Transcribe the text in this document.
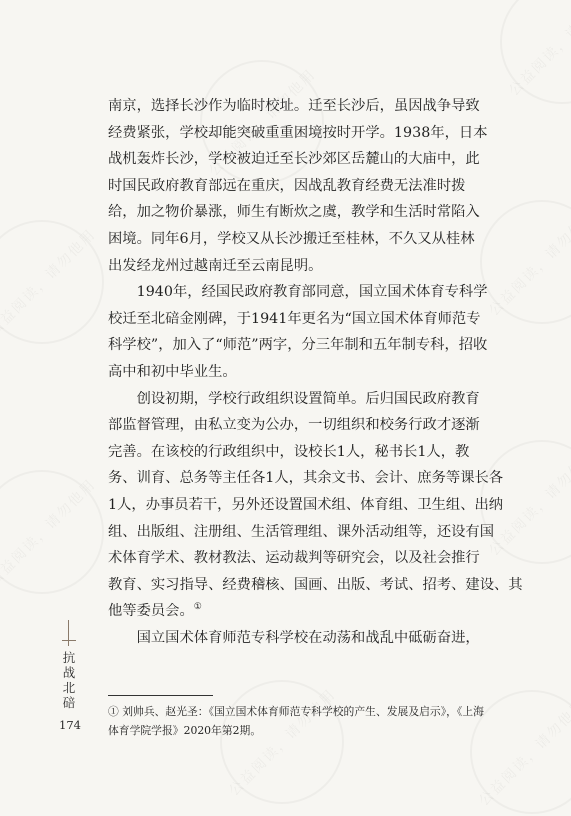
南京，选择长沙作为临时校址。迁至长沙后，虽因战争导致
经费紧张，学校却能突破重重困境按时开学。1938年，日本
战机轰炸长沙，学校被迫迁至长沙郊区岳麓山的大庙中，此
时国民政府教育部远在重庆，因战乱教育经费无法准时拨
给，加之物价暴涨，师生有断炊之虞，教学和生活时常陷入
困境。同年6月，学校又从长沙搬迁至桂林，不久又从桂林
出发经龙州过越南迁至云南昆明。

1940年，经国民政府教育部同意，国立国术体育专科学
校迁至北碚金刚碑，于1941年更名为“国立国术体育师范专
科学校”，加入了“师范”两字，分三年制和五年制专科，招收
高中和初中毕业生。

创设初期，学校行政组织设置简单。后归国民政府教育
部监督管理，由私立变为公办，一切组织和校务行政才逐渐
完善。在该校的行政组织中，设校长1人，秘书长1人，教
务、训育、总务等主任各1人，其余文书、会计、庶务等课长各
1人，办事员若干，另外还设置国术组、体育组、卫生组、出纳
组、出版组、注册组、生活管理组、课外活动组等，还设有国
术体育学术、教材教法、运动裁判等研究会，以及社会推行
教育、实习指导、经费稽核、国画、出版、考试、招考、建设、其
他等委员会。①

国立国术体育师范专科学校在动荡和战乱中砥砺奋进，

抗
战
北
碚
174
① 刘帅兵、赵光圣：《国立国术体育师范专科学校的产生、发展及启示》，《上海
体育学院学报》2020年第2期。
